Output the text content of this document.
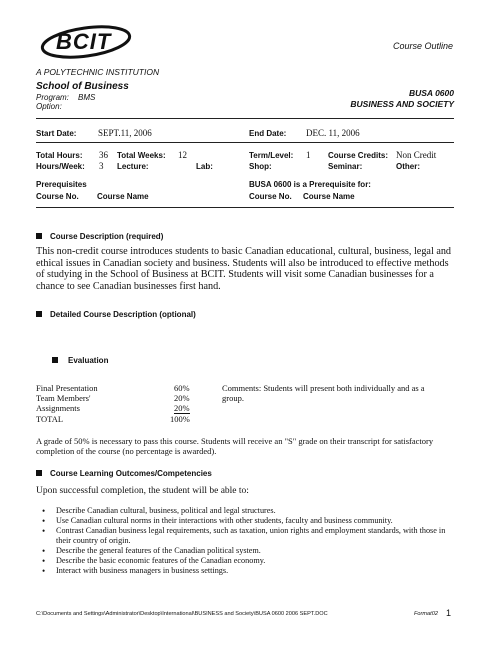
BCIT
A POLYTECHNIC INSTITUTION
Course Outline
School of Business
Program: BMS
Option:
BUSA 0600
BUSINESS AND SOCIETY
Start Date: SEPT.11, 2006	End Date: DEC. 11, 2006
Total Hours: 36 Total Weeks: 12	Term/Level: 1 Course Credits: Non Credit
Hours/Week: 3 Lecture:	Lab:	Shop:	Seminar:	Other:
Prerequisites	BUSA 0600 is a Prerequisite for:
Course No. Course Name	Course No. Course Name
Course Description (required)
This non-credit course introduces students to basic Canadian educational, cultural, business, legal and ethical issues in Canadian society and business. Students will also be introduced to effective methods of studying in the School of Business at BCIT. Students will visit some Canadian businesses for a chance to see Canadian businesses first hand.
Detailed Course Description (optional)
Evaluation
Final Presentation	60%
Team Members'	20%
Assignments	20%
TOTAL	100%
Comments: Students will present both individually and as a group.
A grade of 50% is necessary to pass this course. Students will receive an "S" grade on their transcript for satisfactory completion of the course (no percentage is awarded).
Course Learning Outcomes/Competencies
Upon successful completion, the student will be able to:
• Describe Canadian cultural, business, political and legal structures.
• Use Canadian cultural norms in their interactions with other students, faculty and business community.
• Contrast Canadian business legal requirements, such as taxation, union rights and employment standards, with those in their country of origin.
• Describe the general features of the Canadian political system.
• Describe the basic economic features of the Canadian economy.
• Interact with business managers in business settings.
C:\Documents and Settings\Administrator\Desktop\International\BUSINESS and Society\BUSA 0600 2006 SEPT.DOC	Format02 1
